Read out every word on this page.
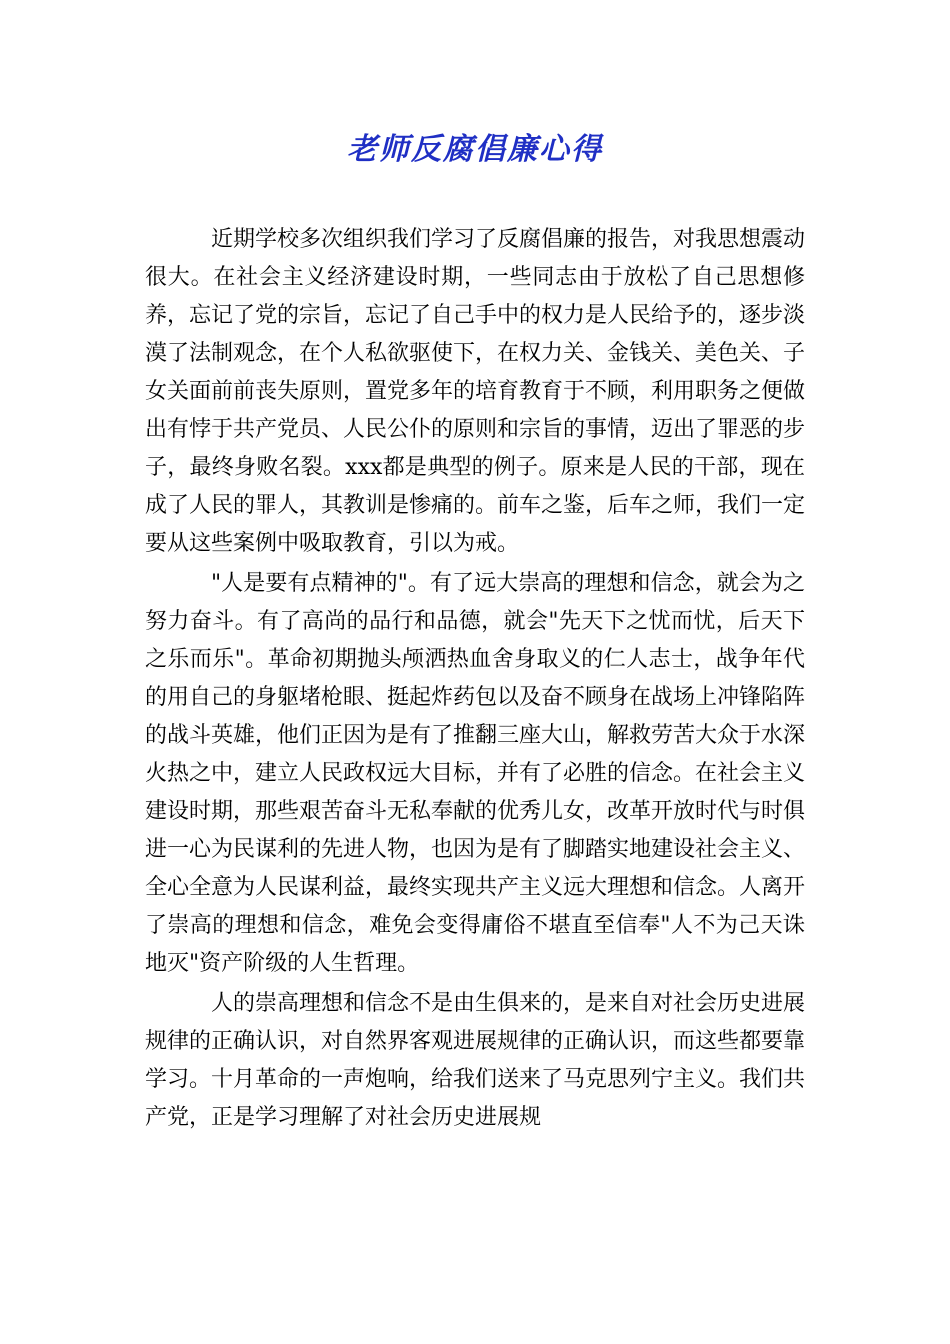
老师反腐倡廉心得

近期学校多次组织我们学习了反腐倡廉的报告，对我思想震动很大。在社会主义经济建设时期，一些同志由于放松了自己思想修养，忘记了党的宗旨，忘记了自己手中的权力是人民给予的，逐步淡漠了法制观念，在个人私欲驱使下，在权力关、金钱关、美色关、子女关面前前丧失原则，置党多年的培育教育于不顾，利用职务之便做出有悖于共产党员、人民公仆的原则和宗旨的事情，迈出了罪恶的步子，最终身败名裂。xxx都是典型的例子。原来是人民的干部，现在成了人民的罪人，其教训是惨痛的。前车之鉴，后车之师，我们一定要从这些案例中吸取教育，引以为戒。

"人是要有点精神的"。有了远大崇高的理想和信念，就会为之努力奋斗。有了高尚的品行和品德，就会"先天下之忧而忧，后天下之乐而乐"。革命初期抛头颅洒热血舍身取义的仁人志士，战争年代的用自己的身躯堵枪眼、挺起炸药包以及奋不顾身在战场上冲锋陷阵的战斗英雄，他们正因为是有了推翻三座大山，解救劳苦大众于水深火热之中，建立人民政权远大目标，并有了必胜的信念。在社会主义建设时期，那些艰苦奋斗无私奉献的优秀儿女，改革开放时代与时俱进一心为民谋利的先进人物，也因为是有了脚踏实地建设社会主义、全心全意为人民谋利益，最终实现共产主义远大理想和信念。人离开了崇高的理想和信念，难免会变得庸俗不堪直至信奉"人不为己天诛地灭"资产阶级的人生哲理。

人的崇高理想和信念不是由生俱来的，是来自对社会历史进展规律的正确认识，对自然界客观进展规律的正确认识，而这些都要靠学习。十月革命的一声炮响，给我们送来了马克思列宁主义。我们共产党，正是学习理解了对社会历史进展规
